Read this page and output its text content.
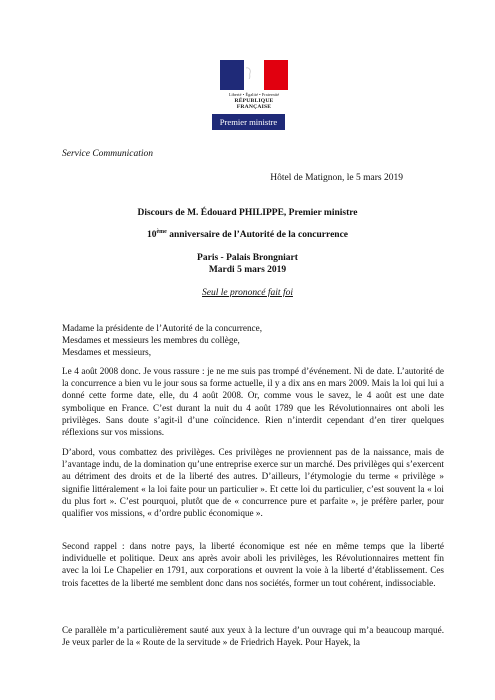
Liberté • Égalité • Fraternité
RÉPUBLIQUE FRANÇAISE
Premier ministre
Service Communication
Hôtel de Matignon, le 5 mars 2019
Discours de M. Édouard PHILIPPE, Premier ministre
10ème anniversaire de l’Autorité de la concurrence
Paris - Palais Brongniart
Mardi 5 mars 2019
Seul le prononcé fait foi

Madame la présidente de l’Autorité de la concurrence,

Mesdames et messieurs les membres du collège,

Mesdames et messieurs,

Le 4 août 2008 donc. Je vous rassure : je ne me suis pas trompé d’événement. Ni de date. L’autorité de la concurrence a bien vu le jour sous sa forme actuelle, il y a dix ans en mars 2009. Mais la loi qui lui a donné cette forme date, elle, du 4 août 2008. Or, comme vous le savez, le 4 août est une date symbolique en France. C’est durant la nuit du 4 août 1789 que les Révolutionnaires ont aboli les privilèges. Sans doute s’agit-il d’une coïncidence. Rien n’interdit cependant d’en tirer quelques réflexions sur vos missions.

D’abord, vous combattez des privilèges. Ces privilèges ne proviennent pas de la naissance, mais de l’avantage indu, de la domination qu’une entreprise exerce sur un marché. Des privilèges qui s’exercent au détriment des droits et de la liberté des autres. D’ailleurs, l’étymologie du terme « privilège » signifie littéralement « la loi faite pour un particulier ». Et cette loi du particulier, c’est souvent la « loi du plus fort ». C’est pourquoi, plutôt que de « concurrence pure et parfaite », je préfère parler, pour qualifier vos missions, « d’ordre public économique ».

Second rappel : dans notre pays, la liberté économique est née en même temps que la liberté individuelle et politique. Deux ans après avoir aboli les privilèges, les Révolutionnaires mettent fin avec la loi Le Chapelier en 1791, aux corporations et ouvrent la voie à la liberté d’établissement. Ces trois facettes de la liberté me semblent donc dans nos sociétés, former un tout cohérent, indissociable.

Ce parallèle m’a particulièrement sauté aux yeux à la lecture d’un ouvrage qui m’a beaucoup marqué. Je veux parler de la « Route de la servitude » de Friedrich Hayek. Pour Hayek, la
